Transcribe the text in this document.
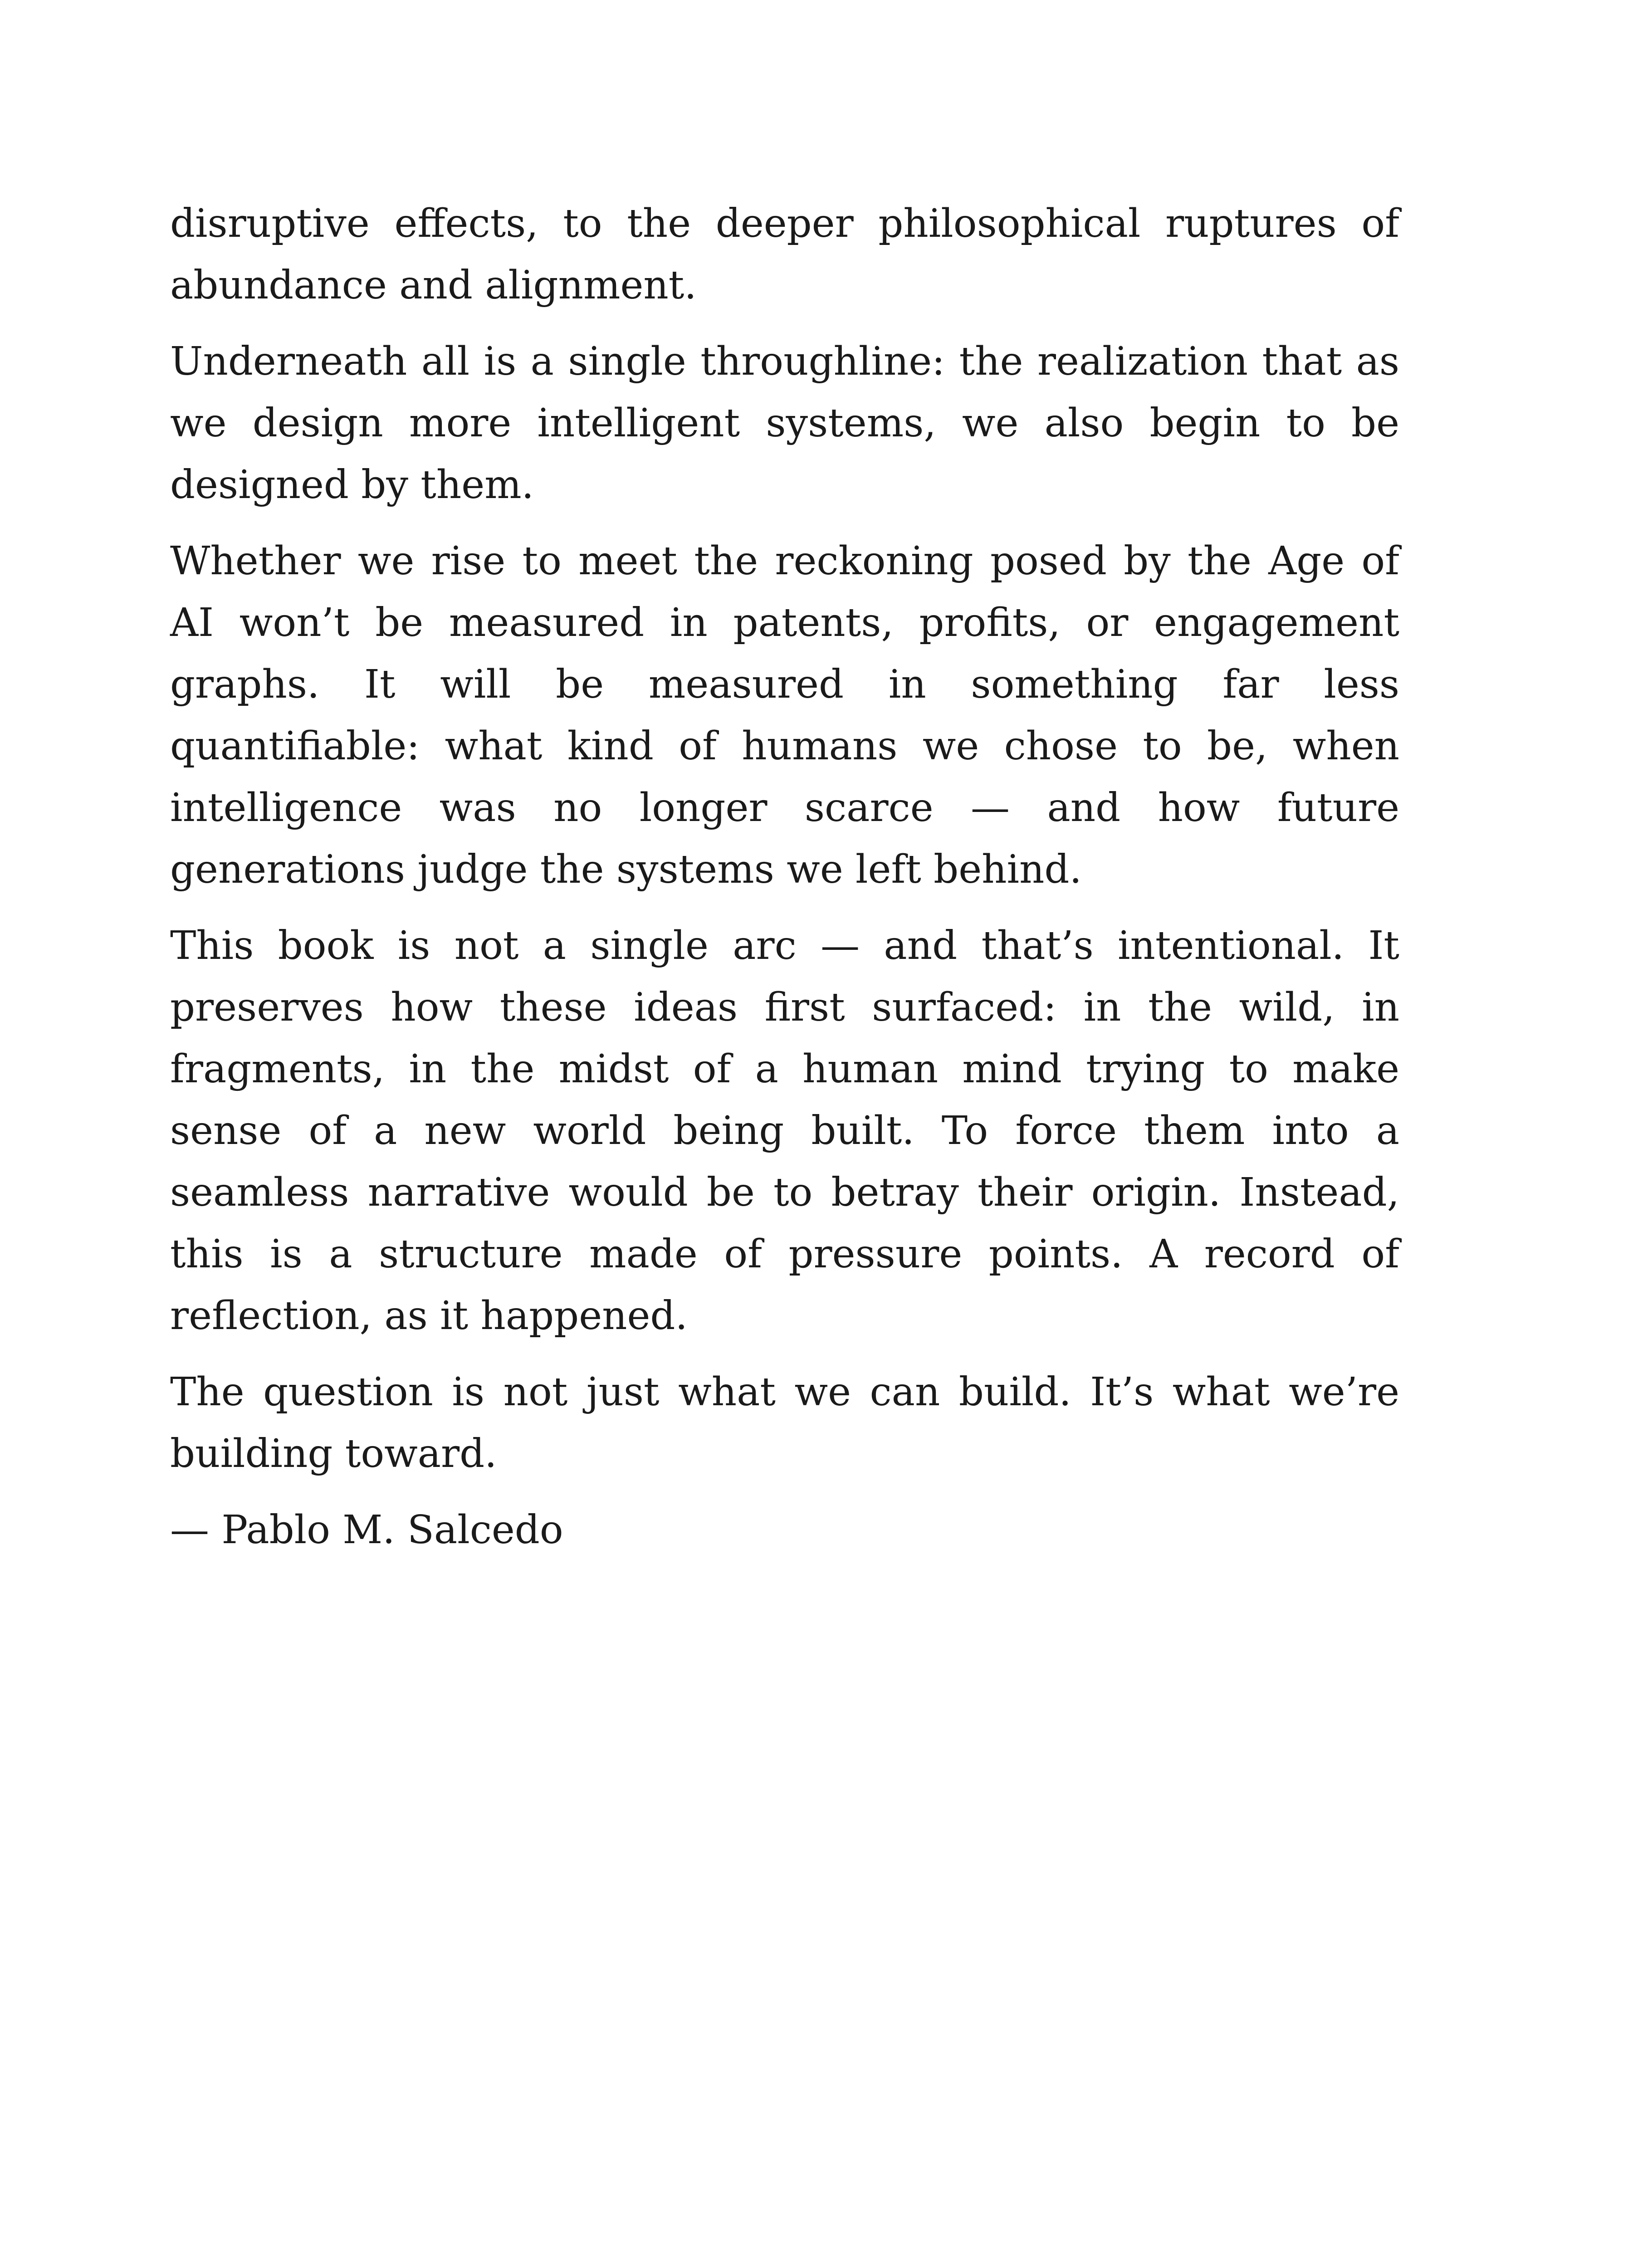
disruptive effects, to the deeper philosophical ruptures of abundance and alignment.

Underneath all is a single throughline: the realization that as we design more intelligent systems, we also begin to be designed by them.

Whether we rise to meet the reckoning posed by the Age of AI won’t be measured in patents, profits, or engagement graphs. It will be measured in something far less quantifiable: what kind of humans we chose to be, when intelligence was no longer scarce — and how future generations judge the systems we left behind.

This book is not a single arc — and that’s intentional. It preserves how these ideas first surfaced: in the wild, in fragments, in the midst of a human mind trying to make sense of a new world being built. To force them into a seamless narrative would be to betray their origin. Instead, this is a structure made of pressure points. A record of reflection, as it happened.

The question is not just what we can build. It’s what we’re building toward.

— Pablo M. Salcedo
